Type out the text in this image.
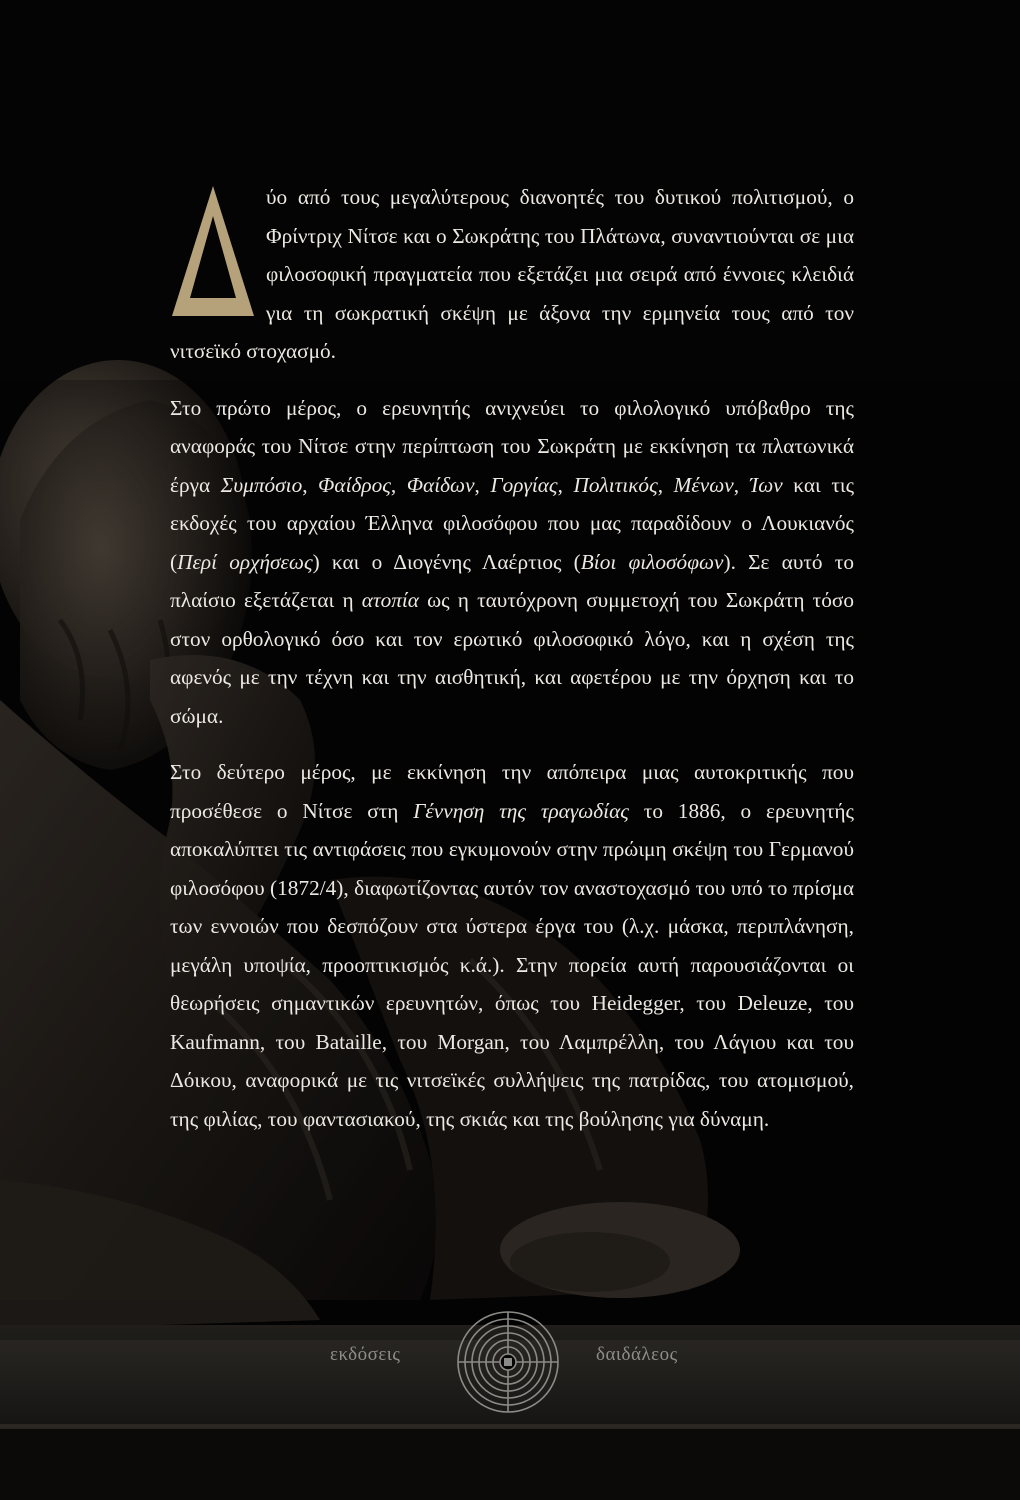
ύο από τους μεγαλύτερους διανοητές του δυτικού πολιτισμού, ο Φρίντριχ Νίτσε και ο Σωκράτης του Πλάτωνα, συναντιούνται σε μια φιλοσοφική πραγματεία που εξετάζει μια σειρά από έννοιες κλειδιά για τη σωκρατική σκέψη με άξονα την ερμηνεία τους από τον νιτσεϊκό στοχασμό.

Στο πρώτο μέρος, ο ερευνητής ανιχνεύει το φιλολογικό υπόβαθρο της αναφοράς του Νίτσε στην περίπτωση του Σωκράτη με εκκίνηση τα πλατωνικά έργα Συμπόσιο, Φαίδρος, Φαίδων, Γοργίας, Πολιτικός, Μένων, Ίων και τις εκδοχές του αρχαίου Έλληνα φιλοσόφου που μας παραδίδουν ο Λουκιανός (Περί ορχήσεως) και ο Διογένης Λαέρτιος (Βίοι φιλοσόφων). Σε αυτό το πλαίσιο εξετάζεται η ατοπία ως η ταυτόχρονη συμμετοχή του Σωκράτη τόσο στον ορθολογικό όσο και τον ερωτικό φιλοσοφικό λόγο, και η σχέση της αφενός με την τέχνη και την αισθητική, και αφετέρου με την όρχηση και το σώμα.

Στο δεύτερο μέρος, με εκκίνηση την απόπειρα μιας αυτοκριτικής που προσέθεσε ο Νίτσε στη Γέννηση της τραγωδίας το 1886, ο ερευνητής αποκαλύπτει τις αντιφάσεις που εγκυμονούν στην πρώιμη σκέψη του Γερμανού φιλοσόφου (1872/4), διαφωτίζοντας αυτόν τον αναστοχασμό του υπό το πρίσμα των εννοιών που δεσπόζουν στα ύστερα έργα του (λ.χ. μάσκα, περιπλάνηση, μεγάλη υποψία, προοπτικισμός κ.ά.). Στην πορεία αυτή παρουσιάζονται οι θεωρήσεις σημαντικών ερευνητών, όπως του Heidegger, του Deleuze, του Kaufmann, του Bataille, του Morgan, του Λαμπρέλλη, του Λάγιου και του Δόικου, αναφορικά με τις νιτσεϊκές συλλήψεις της πατρίδας, του ατομισμού, της φιλίας, του φαντασιακού, της σκιάς και της βούλησης για δύναμη.

εκδόσεις	δαιδάλεος
